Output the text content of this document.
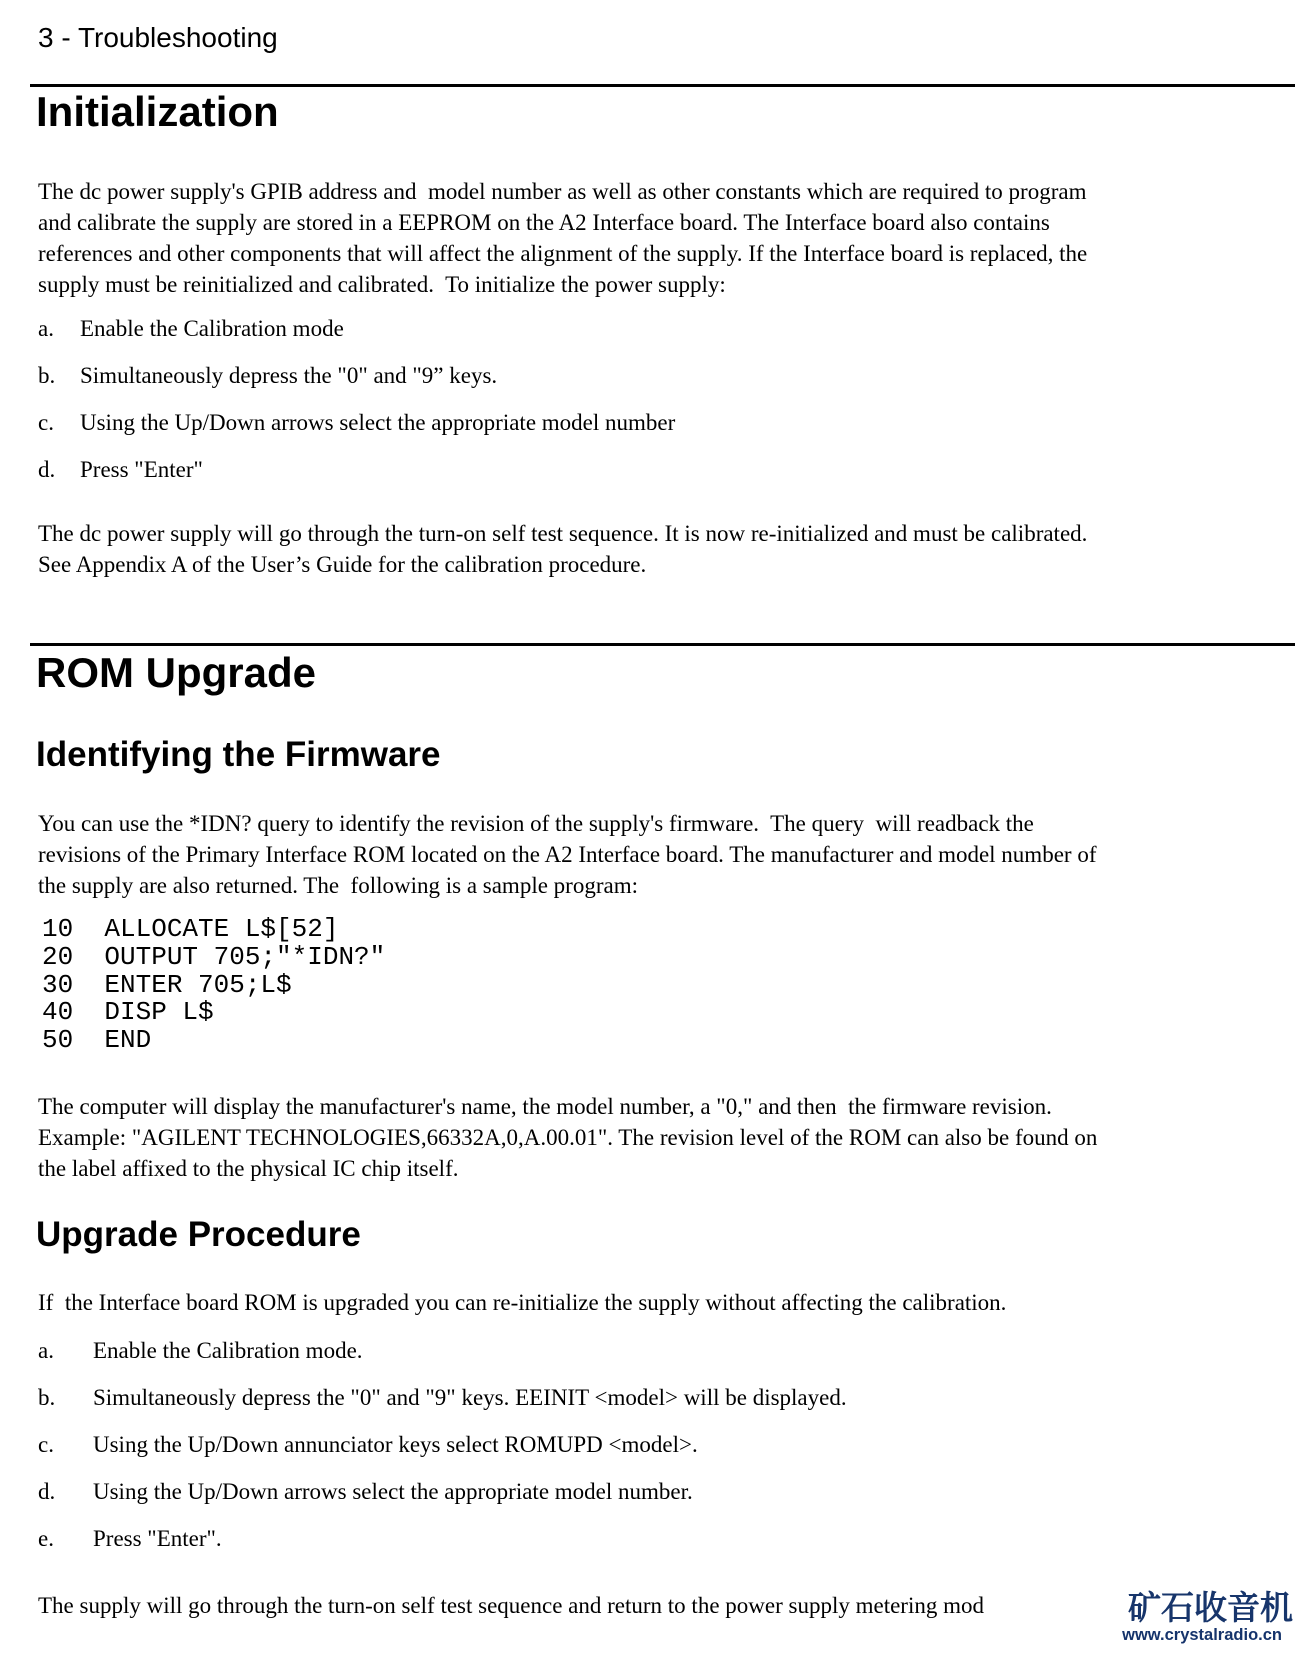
3 - Troubleshooting
Initialization
The dc power supply's GPIB address and  model number as well as other constants which are required to program
and calibrate the supply are stored in a EEPROM on the A2 Interface board. The Interface board also contains
references and other components that will affect the alignment of the supply. If the Interface board is replaced, the
supply must be reinitialized and calibrated.  To initialize the power supply:
a. Enable the Calibration mode
b. Simultaneously depress the "0" and "9” keys.
c. Using the Up/Down arrows select the appropriate model number
d. Press "Enter"
The dc power supply will go through the turn-on self test sequence. It is now re-initialized and must be calibrated.
See Appendix A of the User’s Guide for the calibration procedure.
ROM Upgrade
Identifying the Firmware
You can use the *IDN? query to identify the revision of the supply's firmware.  The query  will readback the
revisions of the Primary Interface ROM located on the A2 Interface board. The manufacturer and model number of
the supply are also returned. The  following is a sample program:
10  ALLOCATE L$[52]
20  OUTPUT 705;"*IDN?"
30  ENTER 705;L$
40  DISP L$
50  END
The computer will display the manufacturer's name, the model number, a "0," and then  the firmware revision.
Example: "AGILENT TECHNOLOGIES,66332A,0,A.00.01". The revision level of the ROM can also be found on
the label affixed to the physical IC chip itself.
Upgrade Procedure
If  the Interface board ROM is upgraded you can re-initialize the supply without affecting the calibration.
a. Enable the Calibration mode.
b. Simultaneously depress the "0" and "9" keys. EEINIT <model> will be displayed.
c. Using the Up/Down annunciator keys select ROMUPD <model>.
d. Using the Up/Down arrows select the appropriate model number.
e. Press "Enter".
The supply will go through the turn-on self test sequence and return to the power supply metering mod	矿石收音机
www.crystalradio.cn
